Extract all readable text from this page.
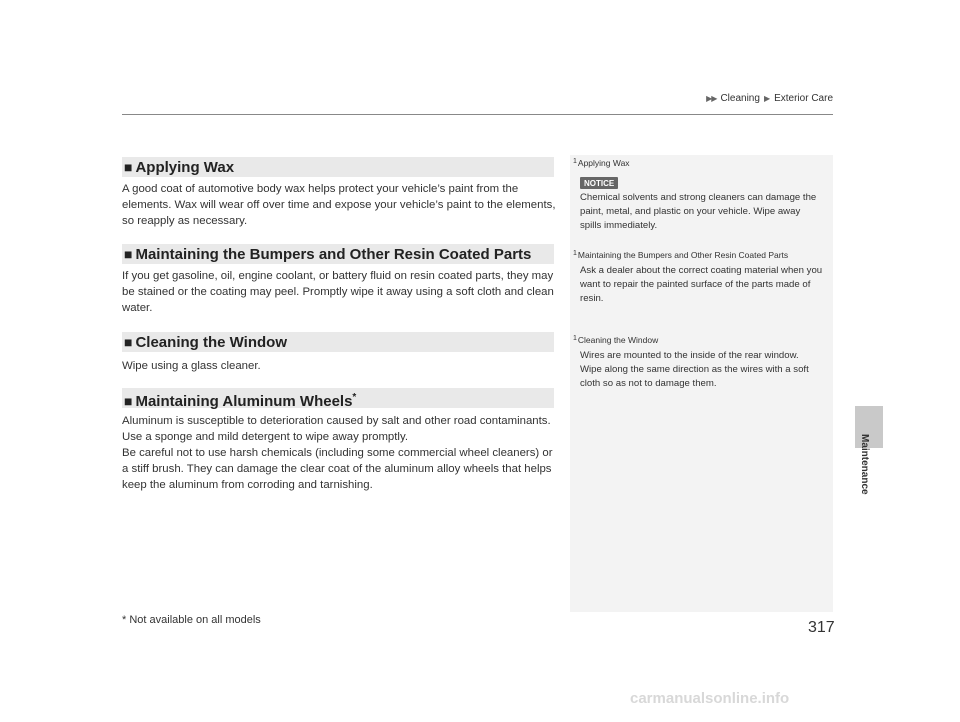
▶▶ Cleaning ▶ Exterior Care
■ Applying Wax
A good coat of automotive body wax helps protect your vehicle’s paint from the elements. Wax will wear off over time and expose your vehicle’s paint to the elements, so reapply as necessary.
■ Maintaining the Bumpers and Other Resin Coated Parts
If you get gasoline, oil, engine coolant, or battery fluid on resin coated parts, they may be stained or the coating may peel. Promptly wipe it away using a soft cloth and clean water.
■ Cleaning the Window
Wipe using a glass cleaner.
■ Maintaining Aluminum Wheels*
Aluminum is susceptible to deterioration caused by salt and other road contaminants. Use a sponge and mild detergent to wipe away promptly.
Be careful not to use harsh chemicals (including some commercial wheel cleaners) or a stiff brush. They can damage the clear coat of the aluminum alloy wheels that helps keep the aluminum from corroding and tarnishing.
1 Applying Wax
NOTICE
Chemical solvents and strong cleaners can damage the paint, metal, and plastic on your vehicle. Wipe away spills immediately.
1 Maintaining the Bumpers and Other Resin Coated Parts
Ask a dealer about the correct coating material when you want to repair the painted surface of the parts made of resin.
1 Cleaning the Window
Wires are mounted to the inside of the rear window. Wipe along the same direction as the wires with a soft cloth so as not to damage them.
Maintenance
* Not available on all models	317
carmanualsonline.info
